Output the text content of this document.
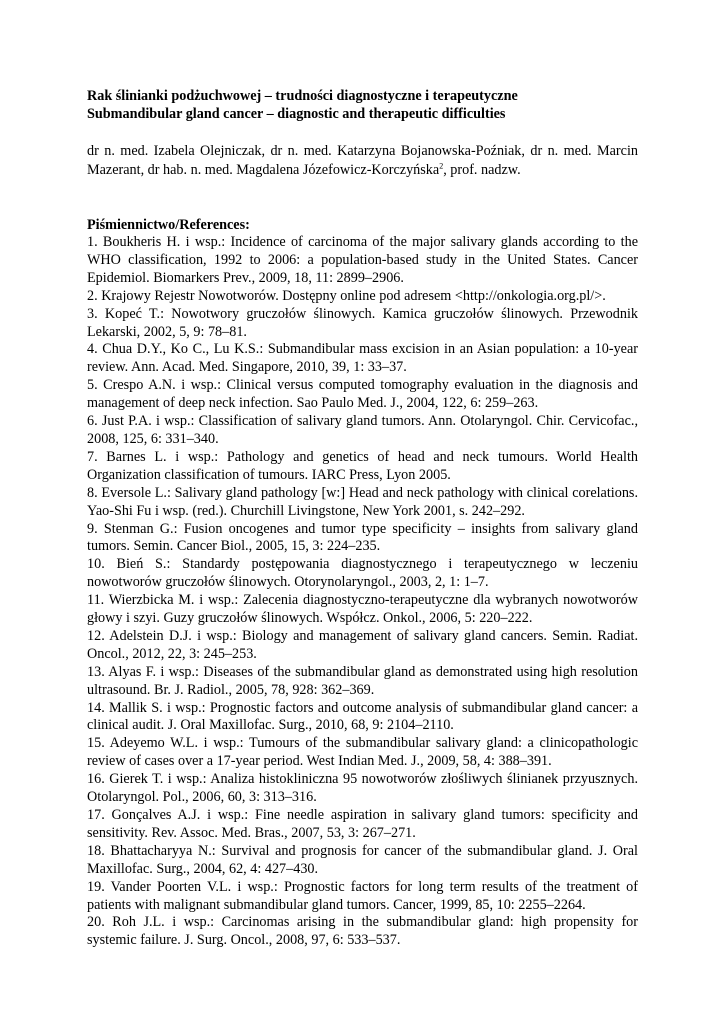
Rak ślinianki podżuchwowej – trudności diagnostyczne i terapeutyczne

Submandibular gland cancer – diagnostic and therapeutic difficulties

dr n. med. Izabela Olejniczak, dr n. med. Katarzyna Bojanowska-Poźniak, dr n. med. Marcin Mazerant, dr hab. n. med. Magdalena Józefowicz-Korczyńska$^2$, prof. nadzw.
Piśmiennictwo/References:
1. Boukheris H. i wsp.: Incidence of carcinoma of the major salivary glands according to the WHO classification, 1992 to 2006: a population-based study in the United States. Cancer Epidemiol. Biomarkers Prev., 2009, 18, 11: 2899–2906.
2. Krajowy Rejestr Nowotworów. Dostępny online pod adresem <http://onkologia.org.pl/>.
3. Kopeć T.: Nowotwory gruczołów ślinowych. Kamica gruczołów ślinowych. Przewodnik Lekarski, 2002, 5, 9: 78–81.
4. Chua D.Y., Ko C., Lu K.S.: Submandibular mass excision in an Asian population: a 10-year review. Ann. Acad. Med. Singapore, 2010, 39, 1: 33–37.
5. Crespo A.N. i wsp.: Clinical versus computed tomography evaluation in the diagnosis and management of deep neck infection. Sao Paulo Med. J., 2004, 122, 6: 259–263.
6. Just P.A. i wsp.: Classification of salivary gland tumors. Ann. Otolaryngol. Chir. Cervicofac., 2008, 125, 6: 331–340.
7. Barnes L. i wsp.: Pathology and genetics of head and neck tumours. World Health Organization classification of tumours. IARC Press, Lyon 2005.
8. Eversole L.: Salivary gland pathology [w:] Head and neck pathology with clinical corelations. Yao-Shi Fu i wsp. (red.). Churchill Livingstone, New York 2001, s. 242–292.
9. Stenman G.: Fusion oncogenes and tumor type specificity – insights from salivary gland tumors. Semin. Cancer Biol., 2005, 15, 3: 224–235.
10. Bień S.: Standardy postępowania diagnostycznego i terapeutycznego w leczeniu nowotworów gruczołów ślinowych. Otorynolaryngol., 2003, 2, 1: 1–7.
11. Wierzbicka M. i wsp.: Zalecenia diagnostyczno-terapeutyczne dla wybranych nowotworów głowy i szyi. Guzy gruczołów ślinowych. Współcz. Onkol., 2006, 5: 220–222.
12. Adelstein D.J. i wsp.: Biology and management of salivary gland cancers. Semin. Radiat. Oncol., 2012, 22, 3: 245–253.
13. Alyas F. i wsp.: Diseases of the submandibular gland as demonstrated using high resolution ultrasound. Br. J. Radiol., 2005, 78, 928: 362–369.
14. Mallik S. i wsp.: Prognostic factors and outcome analysis of submandibular gland cancer: a clinical audit. J. Oral Maxillofac. Surg., 2010, 68, 9: 2104–2110.
15. Adeyemo W.L. i wsp.: Tumours of the submandibular salivary gland: a clinicopathologic review of cases over a 17-year period. West Indian Med. J., 2009, 58, 4: 388–391.
16. Gierek T. i wsp.: Analiza histokliniczna 95 nowotworów złośliwych ślinianek przyusznych. Otolaryngol. Pol., 2006, 60, 3: 313–316.
17. Gonçalves A.J. i wsp.: Fine needle aspiration in salivary gland tumors: specificity and sensitivity. Rev. Assoc. Med. Bras., 2007, 53, 3: 267–271.
18. Bhattacharyya N.: Survival and prognosis for cancer of the submandibular gland. J. Oral Maxillofac. Surg., 2004, 62, 4: 427–430.
19. Vander Poorten V.L. i wsp.: Prognostic factors for long term results of the treatment of patients with malignant submandibular gland tumors. Cancer, 1999, 85, 10: 2255–2264.
20. Roh J.L. i wsp.: Carcinomas arising in the submandibular gland: high propensity for systemic failure. J. Surg. Oncol., 2008, 97, 6: 533–537.
